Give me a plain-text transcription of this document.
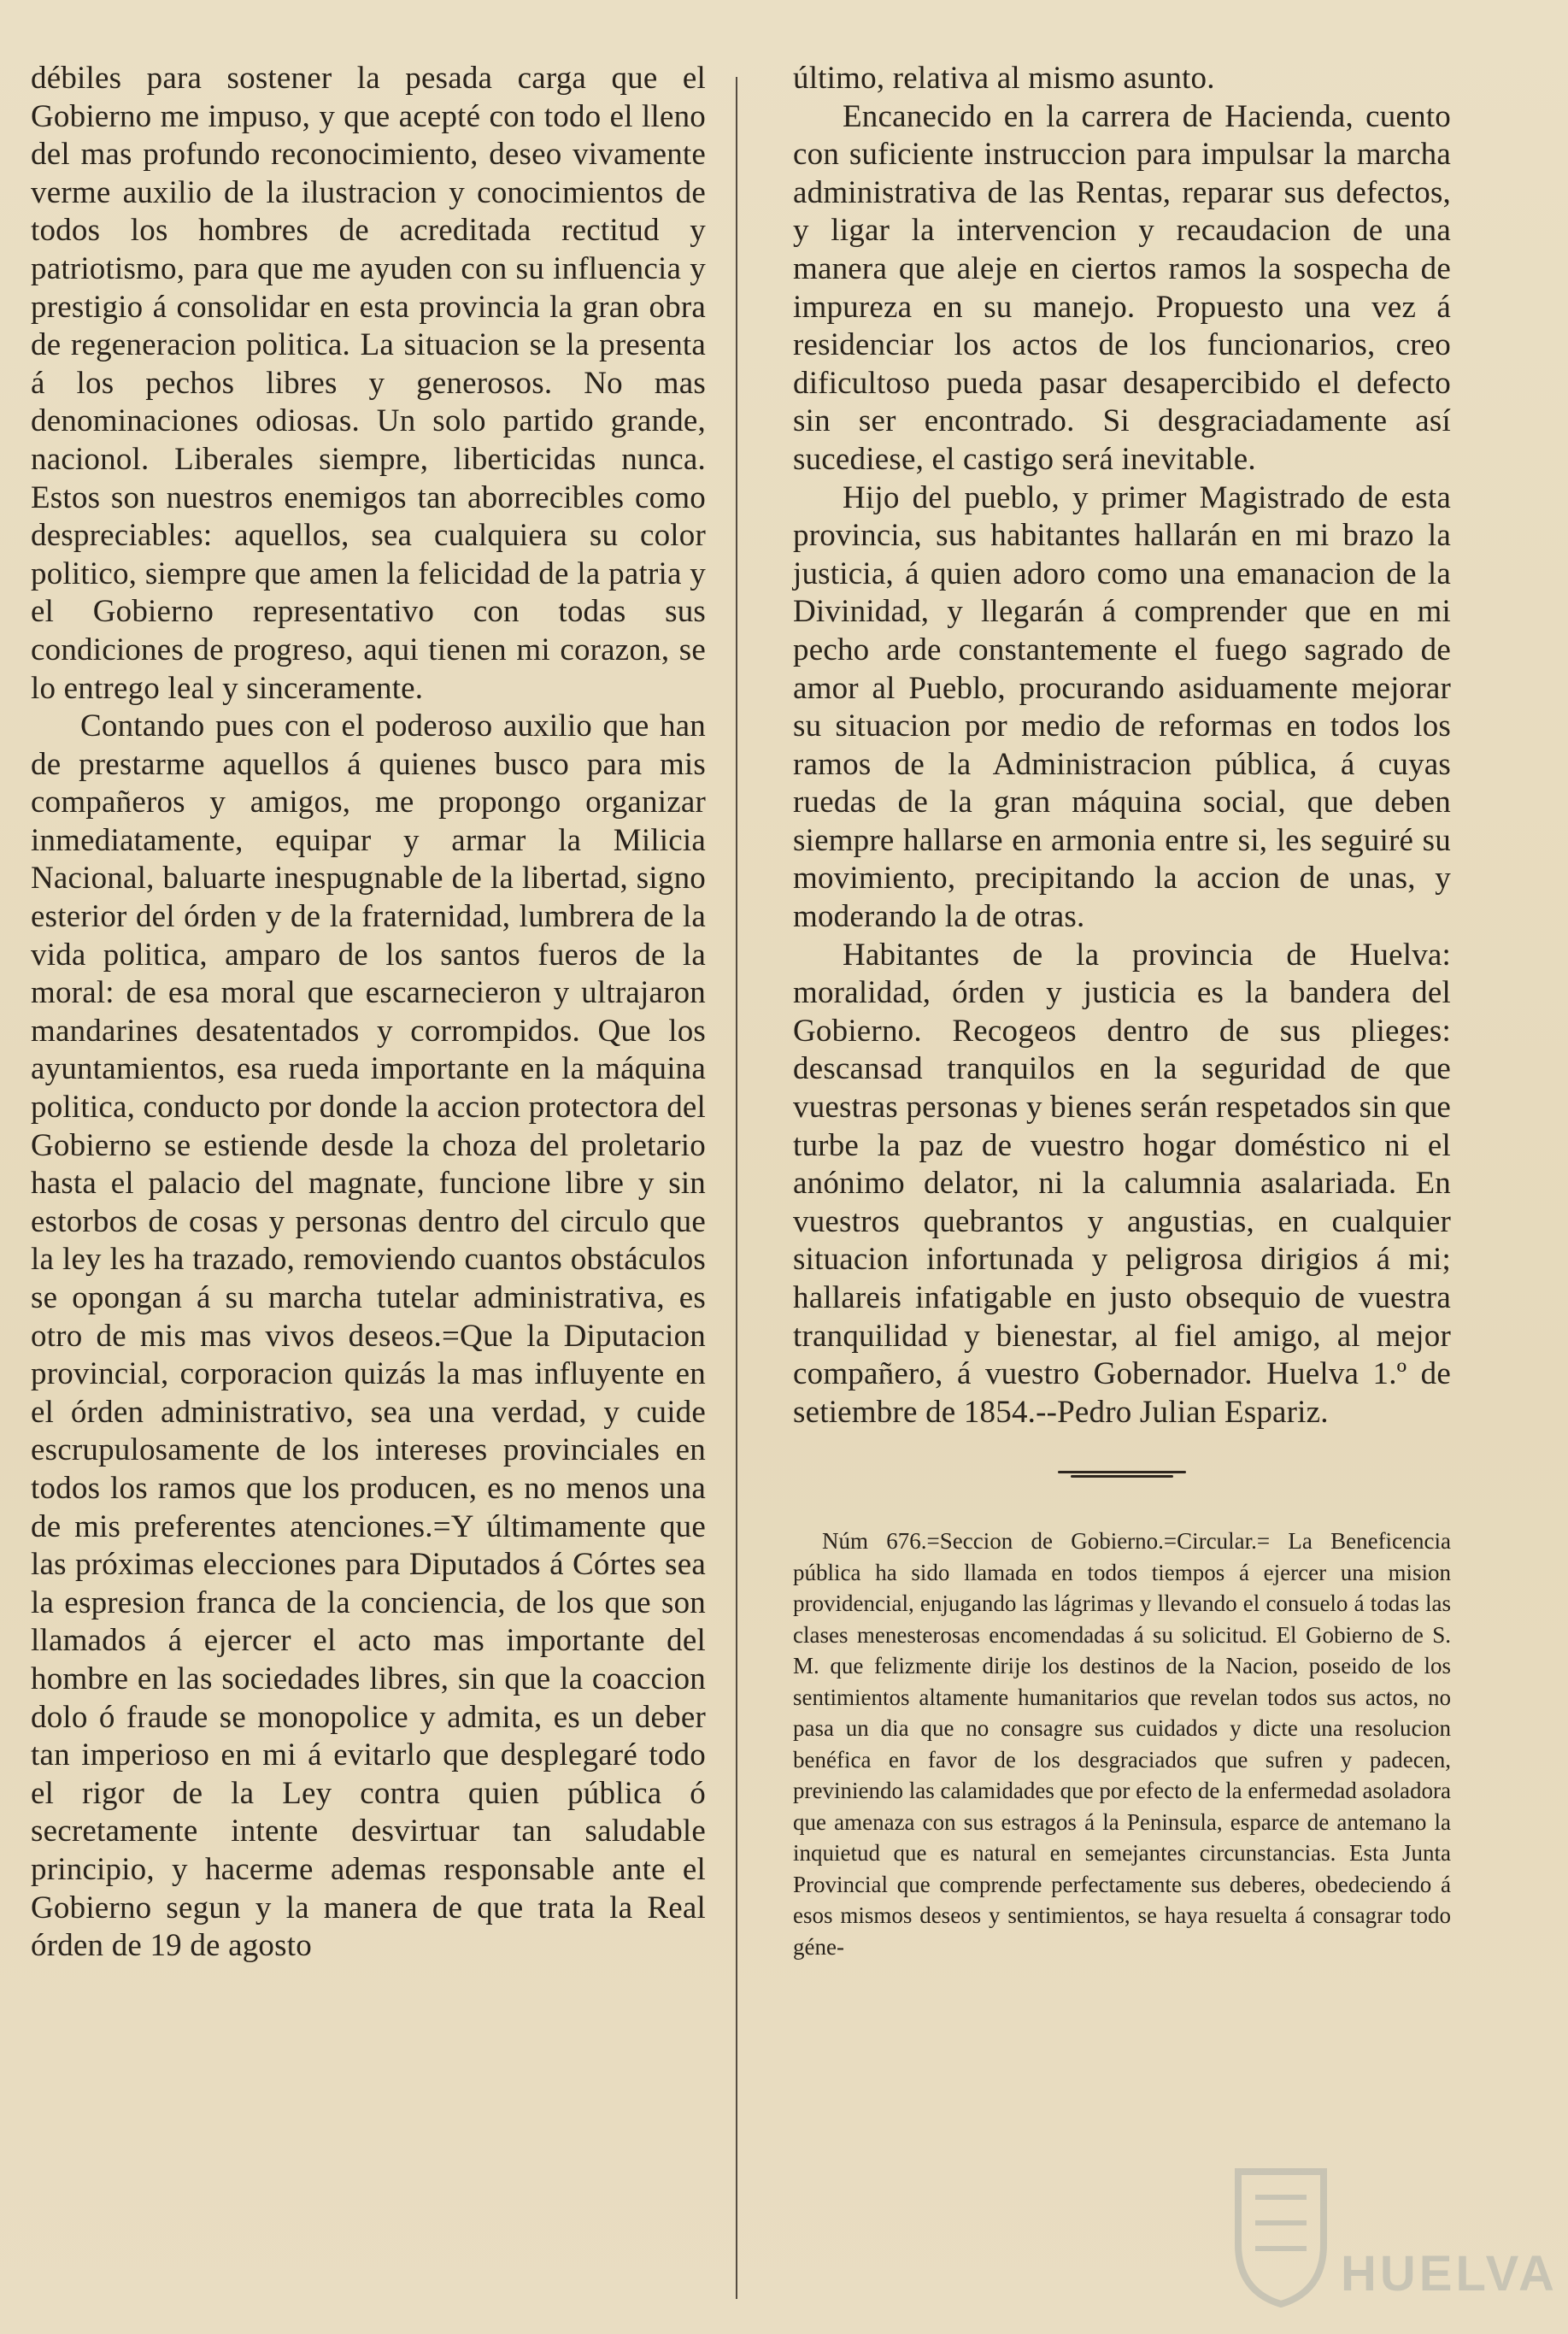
débiles para sostener la pesada carga que el Gobierno me impuso, y que acepté con todo el lleno del mas profundo reconocimiento, deseo vivamente verme auxilio de la ilustracion y conocimientos de todos los hombres de acreditada rectitud y patriotismo, para que me ayuden con su influencia y prestigio á consolidar en esta provincia la gran obra de regeneracion politica. La situacion se la presenta á los pechos libres y generosos. No mas denominaciones odiosas. Un solo partido grande, nacionol. Liberales siempre, liberticidas nunca. Estos son nuestros enemigos tan aborrecibles como despreciables: aquellos, sea cualquiera su color politico, siempre que amen la felicidad de la patria y el Gobierno representativo con todas sus condiciones de progreso, aqui tienen mi corazon, se lo entrego leal y sinceramente.

Contando pues con el poderoso auxilio que han de prestarme aquellos á quienes busco para mis compañeros y amigos, me propongo organizar inmediatamente, equipar y armar la Milicia Nacional, baluarte inespugnable de la libertad, signo esterior del órden y de la fraternidad, lumbrera de la vida politica, amparo de los santos fueros de la moral: de esa moral que escarnecieron y ultrajaron mandarines desatentados y corrompidos. Que los ayuntamientos, esa rueda importante en la máquina politica, conducto por donde la accion protectora del Gobierno se estiende desde la choza del proletario hasta el palacio del magnate, funcione libre y sin estorbos de cosas y personas dentro del circulo que la ley les ha trazado, removiendo cuantos obstáculos se opongan á su marcha tutelar administrativa, es otro de mis mas vivos deseos.=Que la Diputacion provincial, corporacion quizás la mas influyente en el órden administrativo, sea una verdad, y cuide escrupulosamente de los intereses provinciales en todos los ramos que los producen, es no menos una de mis preferentes atenciones.=Y últimamente que las próximas elecciones para Diputados á Córtes sea la espresion franca de la conciencia, de los que son llamados á ejercer el acto mas importante del hombre en las sociedades libres, sin que la coaccion dolo ó fraude se monopolice y admita, es un deber tan imperioso en mi á evitarlo que desplegaré todo el rigor de la Ley contra quien pública ó secretamente intente desvirtuar tan saludable principio, y hacerme ademas responsable ante el Gobierno segun y la manera de que trata la Real órden de 19 de agosto

último, relativa al mismo asunto.

Encanecido en la carrera de Hacienda, cuento con suficiente instruccion para impulsar la marcha administrativa de las Rentas, reparar sus defectos, y ligar la intervencion y recaudacion de una manera que aleje en ciertos ramos la sospecha de impureza en su manejo. Propuesto una vez á residenciar los actos de los funcionarios, creo dificultoso pueda pasar desapercibido el defecto sin ser encontrado. Si desgraciadamente así sucediese, el castigo será inevitable.

Hijo del pueblo, y primer Magistrado de esta provincia, sus habitantes hallarán en mi brazo la justicia, á quien adoro como una emanacion de la Divinidad, y llegarán á comprender que en mi pecho arde constantemente el fuego sagrado de amor al Pueblo, procurando asiduamente mejorar su situacion por medio de reformas en todos los ramos de la Administracion pública, á cuyas ruedas de la gran máquina social, que deben siempre hallarse en armonia entre si, les seguiré su movimiento, precipitando la accion de unas, y moderando la de otras.

Habitantes de la provincia de Huelva: moralidad, órden y justicia es la bandera del Gobierno. Recogeos dentro de sus plieges: descansad tranquilos en la seguridad de que vuestras personas y bienes serán respetados sin que turbe la paz de vuestro hogar doméstico ni el anónimo delator, ni la calumnia asalariada. En vuestros quebrantos y angustias, en cualquier situacion infortunada y peligrosa dirigios á mi; hallareis infatigable en justo obsequio de vuestra tranquilidad y bienestar, al fiel amigo, al mejor compañero, á vuestro Gobernador. Huelva 1.º de setiembre de 1854.--Pedro Julian Espariz.

Núm 676.=Seccion de Gobierno.=Circular.= La Beneficencia pública ha sido llamada en todos tiempos á ejercer una mision providencial, enjugando las lágrimas y llevando el consuelo á todas las clases menesterosas encomendadas á su solicitud. El Gobierno de S. M. que felizmente dirije los destinos de la Nacion, poseido de los sentimientos altamente humanitarios que revelan todos sus actos, no pasa un dia que no consagre sus cuidados y dicte una resolucion benéfica en favor de los desgraciados que sufren y padecen, previniendo las calamidades que por efecto de la enfermedad asoladora que amenaza con sus estragos á la Peninsula, esparce de antemano la inquietud que es natural en semejantes circunstancias. Esta Junta Provincial que comprende perfectamente sus deberes, obedeciendo á esos mismos deseos y sentimientos, se haya resuelta á consagrar todo géne-

HUELVA
